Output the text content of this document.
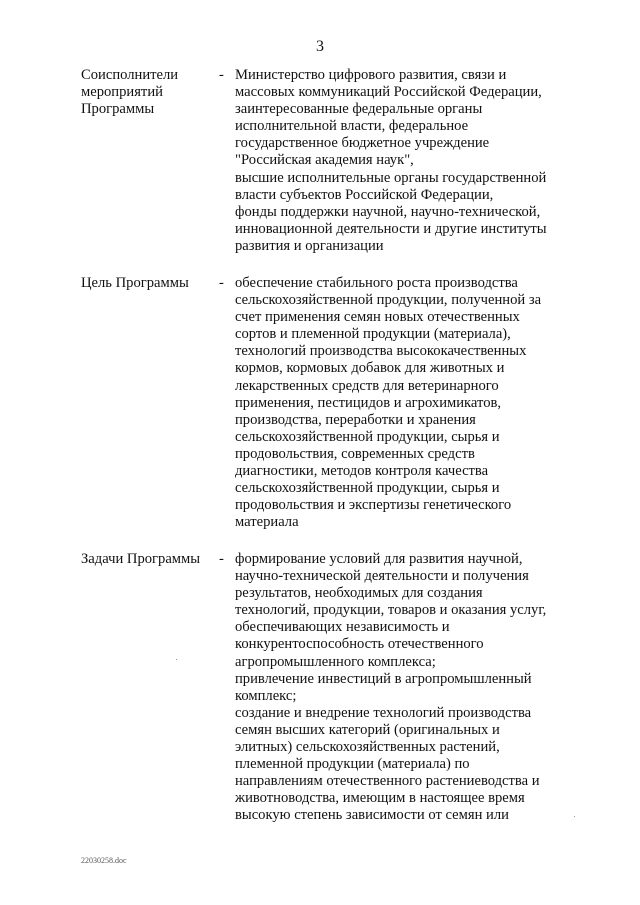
3
Соисполнители
мероприятий
Программы
- Министерство цифрового развития, связи и
массовых коммуникаций Российской Федерации,
заинтересованные федеральные органы
исполнительной власти, федеральное
государственное бюджетное учреждение
"Российская академия наук",
высшие исполнительные органы государственной
власти субъектов Российской Федерации,
фонды поддержки научной, научно-технической,
инновационной деятельности и другие институты
развития и организации
Цель Программы	- обеспечение стабильного роста производства
сельскохозяйственной продукции, полученной за
счет применения семян новых отечественных
сортов и племенной продукции (материала),
технологий производства высококачественных
кормов, кормовых добавок для животных и
лекарственных средств для ветеринарного
применения, пестицидов и агрохимикатов,
производства, переработки и хранения
сельскохозяйственной продукции, сырья и
продовольствия, современных средств
диагностики, методов контроля качества
сельскохозяйственной продукции, сырья и
продовольствия и экспертизы генетического
материала
Задачи Программы	- формирование условий для развития научной,
научно-технической деятельности и получения
результатов, необходимых для создания
технологий, продукции, товаров и оказания услуг,
обеспечивающих независимость и
конкурентоспособность отечественного
агропромышленного комплекса;
привлечение инвестиций в агропромышленный
комплекс;
создание и внедрение технологий производства
семян высших категорий (оригинальных и
элитных) сельскохозяйственных растений,
племенной продукции (материала) по
направлениям отечественного растениеводства и
животноводства, имеющим в настоящее время
высокую степень зависимости от семян или
22030258.doc
